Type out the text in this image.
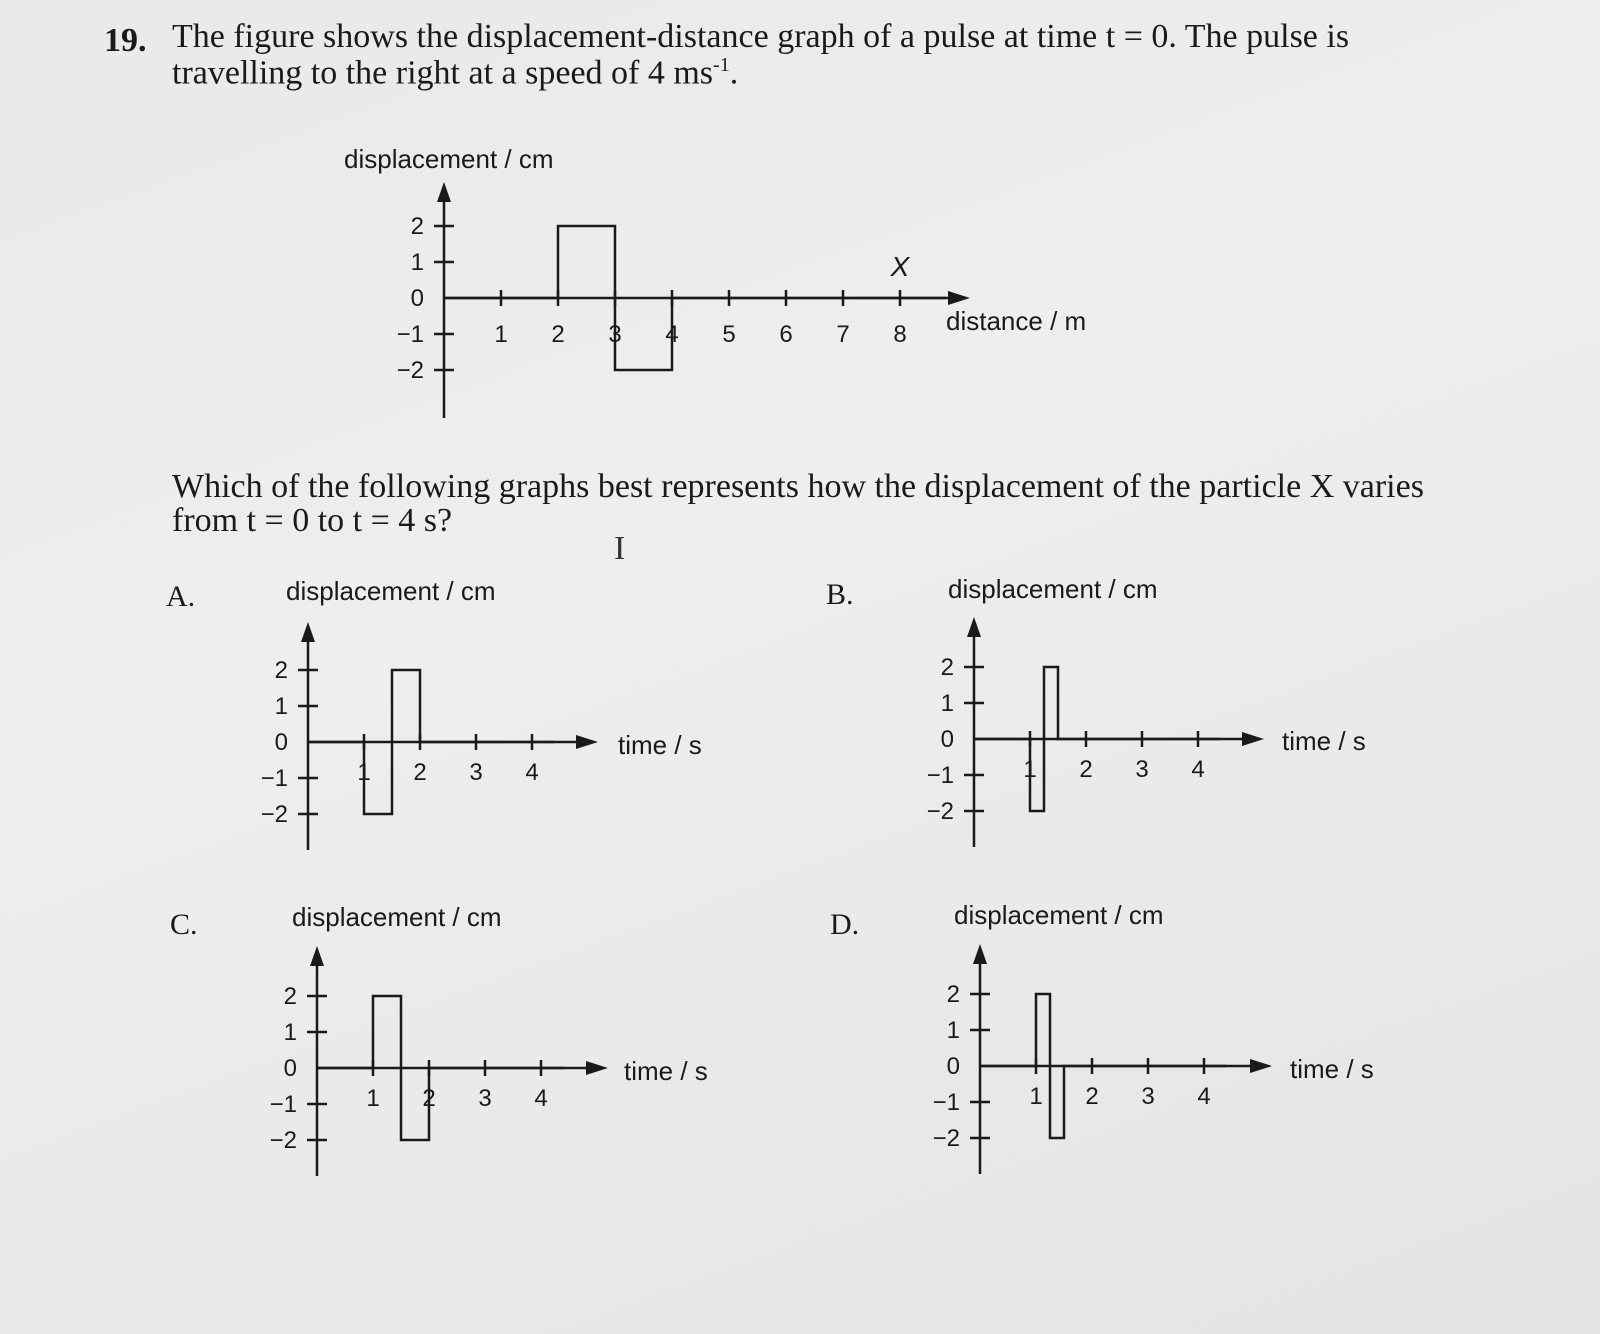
19. The figure shows the displacement-distance graph of a pulse at time t = 0. The pulse is
travelling to the right at a speed of 4 $ms^{-1}$.
Which of the following graphs best represents how the displacement of the particle X varies
from t = 0 to t = 4 s?
I
A.	B.
C.	D.
2
1
0
−1
−2
1 2 3 4 5 6 7 8 distance / m
displacement / cm
X
2
1
0
−1
−2
1 2 3 4
time / s
displacement / cm
2
1
0
−1
−2
1 2 3 4
time / s
displacement / cm
2
1
0
−1
−2
1 2 3 4
time / s
displacement / cm
2
1
0
−1
−2
1 2 3 4
time / s
displacement / cm
